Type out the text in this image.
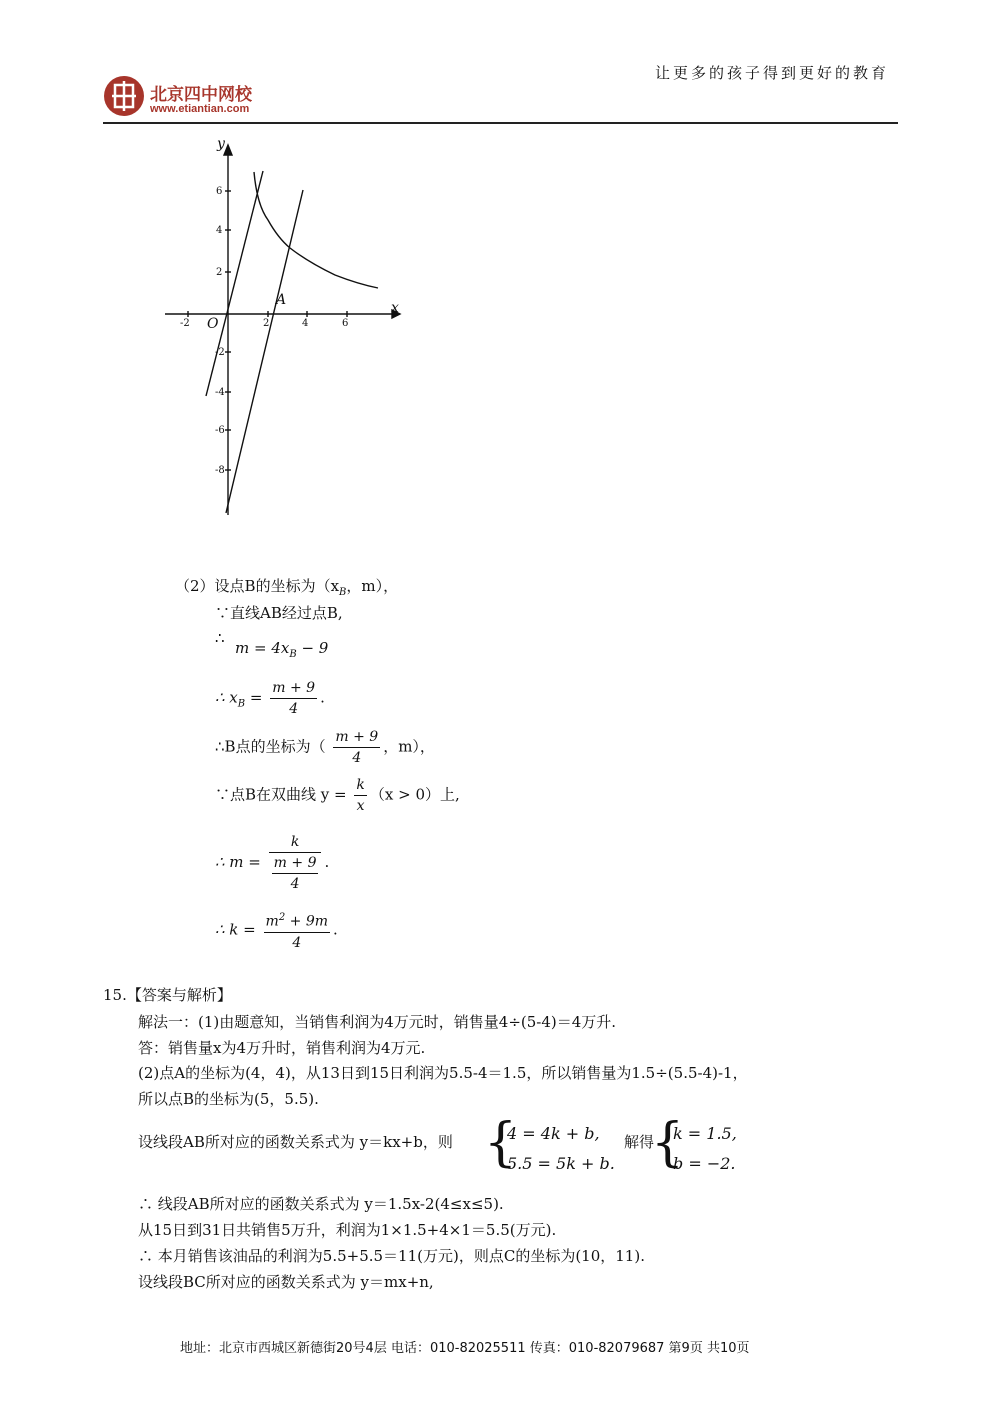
北京四中网校
www.etiantian.com
让更多的孩子得到更好的教育
-2	2	4	6
6
4
2
-2
-4
-6
-8
y
x
O
A
（2）设点B的坐标为（$x_B$，m），
∵直线AB经过点B,
∴
$m = 4x_B - 9$
∴ $x_B = \frac{m + 9}{4}$ .
∴B点的坐标为（ $\frac{m + 9}{4}$ ，m），
∵点B在双曲线 $y = \frac{k}{x} (x > 0)$上,
∴ $m = \frac{k}{\frac{m + 9}{4}}$ .
∴ $k = \frac{m^2 + 9m}{4}$ .
15.【答案与解析】
解法一：(1)由题意知，当销售利润为4万元时，销售量4÷(5-4)＝4万升.
答：销售量x为4万升时，销售利润为4万元.
(2)点A的坐标为(4，4)，从13日到15日利润为5.5-4＝1.5，所以销售量为1.5÷(5.5-4)-1，
所以点B的坐标为(5，5.5).
设线段AB所对应的函数关系式为 y＝kx+b，则 {
4 = 4k + b,
5.5 = 5k + b.
解得
{
k = 1.5,
b = −2.
∴ 线段AB所对应的函数关系式为 y＝1.5x-2(4≤x≤5).
从15日到31日共销售5万升，利润为1×1.5+4×1＝5.5(万元).
∴ 本月销售该油品的利润为5.5+5.5＝11(万元)，则点C的坐标为(10，11).
设线段BC所对应的函数关系式为 y＝mx+n,
地址：北京市西城区新德街20号4层 电话：010-82025511 传真：010-82079687 第9页 共10页
